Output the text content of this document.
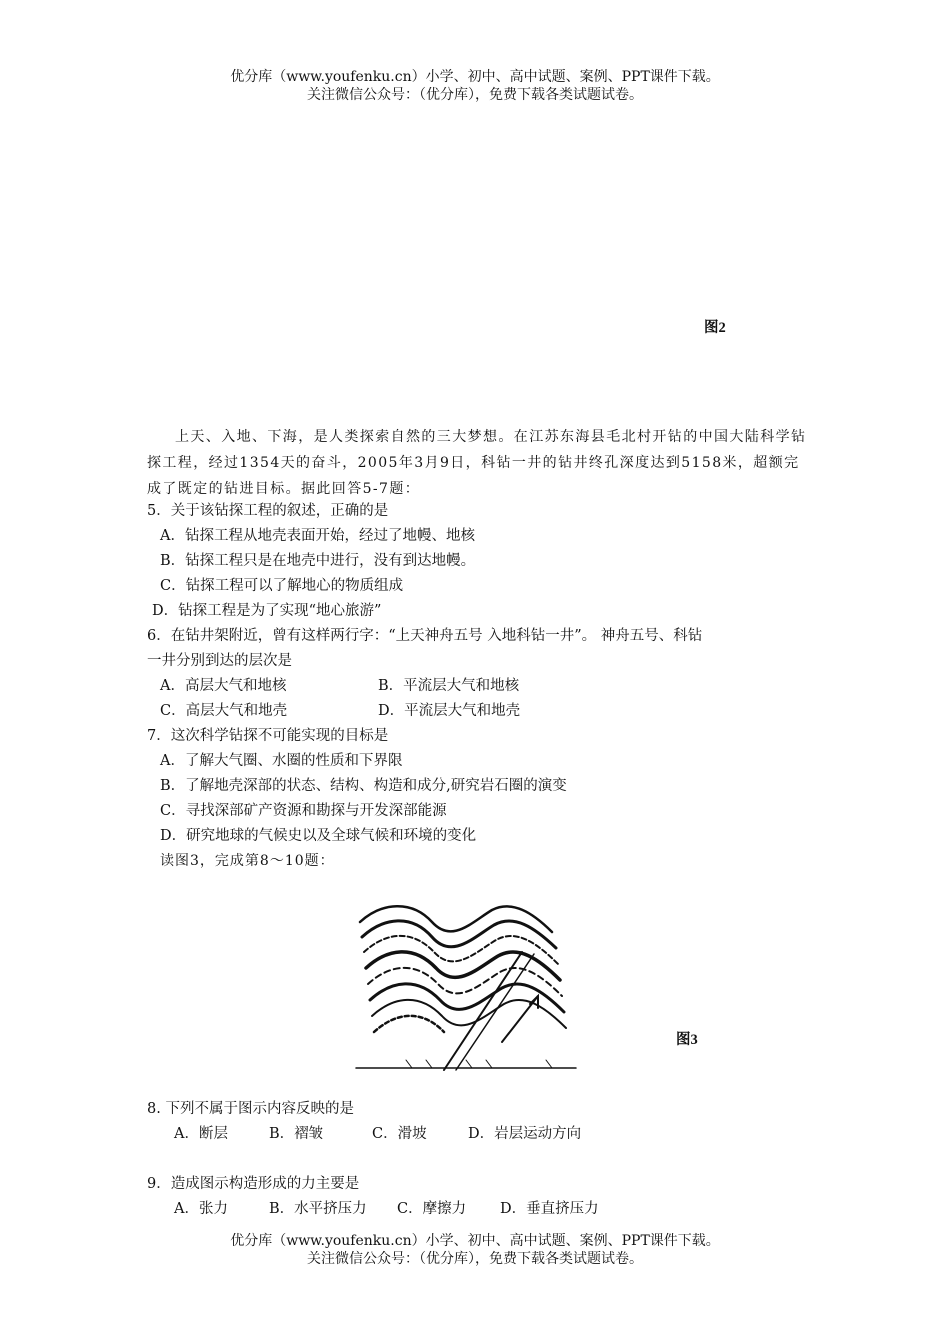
优分库（www.youfenku.cn）小学、初中、高中试题、案例、PPT课件下载。
关注微信公众号：（优分库），免费下载各类试题试卷。
图2
上天、入地、下海，是人类探索自然的三大梦想。在江苏东海县毛北村开钻的中国大陆科学钻探工程，经过1354天的奋斗，2005年3月9日，科钻一井的钻井终孔深度达到5158米，超额完成了既定的钻进目标。据此回答5-7题：
5．关于该钻探工程的叙述，正确的是
A．钻探工程从地壳表面开始，经过了地幔、地核
B．钻探工程只是在地壳中进行，没有到达地幔。
C．钻探工程可以了解地心的物质组成
D．钻探工程是为了实现“地心旅游”
6．在钻井架附近，曾有这样两行字：“上天神舟五号 入地科钻一井”。 神舟五号、科钻
一井分别到达的层次是
A．高层大气和地核	B．平流层大气和地核
C．高层大气和地壳	D．平流层大气和地壳
7．这次科学钻探不可能实现的目标是
A．了解大气圈、水圈的性质和下界限
B．了解地壳深部的状态、结构、构造和成分,研究岩石圈的演变
C．寻找深部矿产资源和勘探与开发深部能源
D．研究地球的气候史以及全球气候和环境的变化
读图3，完成第8～10题：
图3
8. 下列不属于图示内容反映的是
A．断层	B．褶皱	C．滑坡	D．岩层运动方向
9．造成图示构造形成的力主要是
A．张力	B．水平挤压力 C．摩擦力 D．垂直挤压力
优分库（www.youfenku.cn）小学、初中、高中试题、案例、PPT课件下载。
关注微信公众号：（优分库），免费下载各类试题试卷。
